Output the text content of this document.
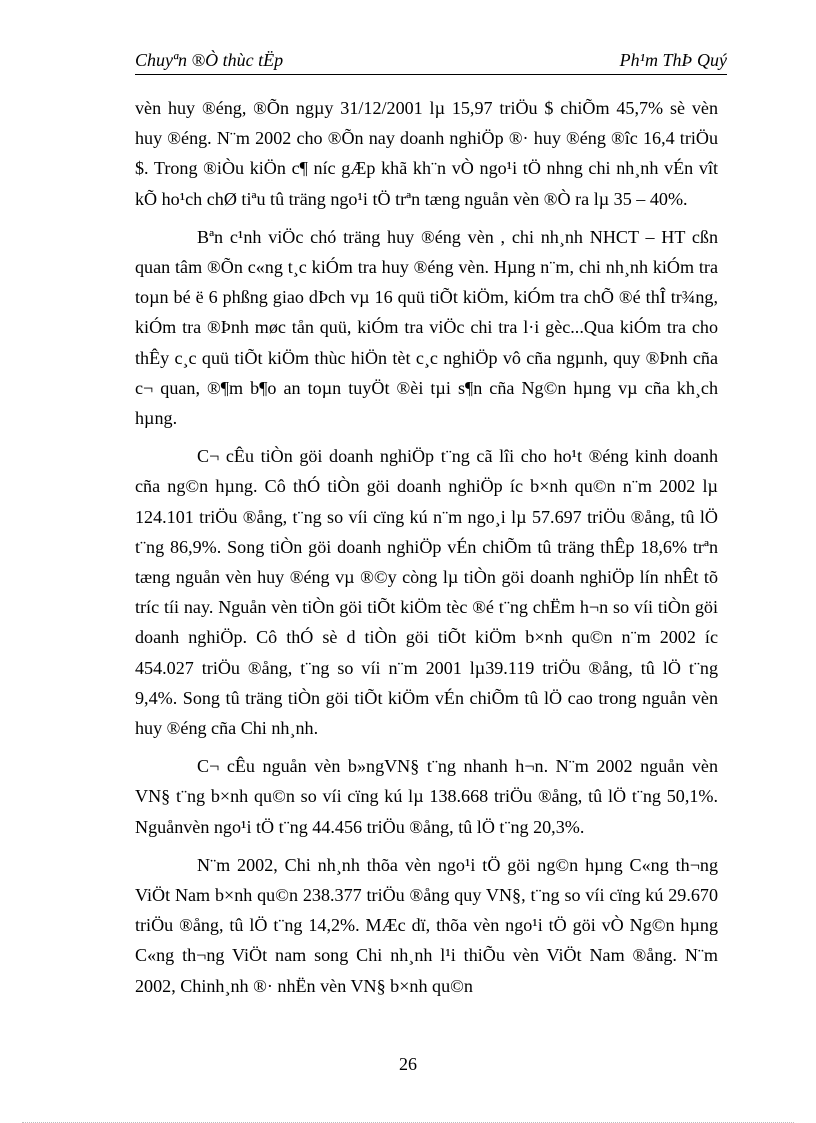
Chuyªn ®Ò thùc tËp	Ph¹m ThÞ Quý

vèn huy ®éng, ®Õn ngµy 31/12/2001 lµ 15,97 triÖu $ chiÕm 45,7% sè vèn huy ®éng. N¨m 2002 cho ®Õn nay doanh nghiÖp ®· huy ®éng ®îc 16,4 triÖu $. Trong ®iÒu kiÖn c¶ níc gÆp khã kh¨n vÒ ngo¹i tÖ nhng chi nh¸nh vÉn vît kÕ ho¹ch chØ tiªu tû träng ngo¹i tÖ trªn tæng nguån vèn ®Ò ra lµ 35 – 40%.

Bªn c¹nh viÖc chó träng huy ®éng vèn , chi nh¸nh NHCT – HT cßn quan tâm ®Õn c«ng t¸c kiÓm tra huy ®éng vèn. Hµng n¨m, chi nh¸nh kiÓm tra toµn bé ë 6 phßng giao dÞch vµ 16 quü tiÕt kiÖm, kiÓm tra chÕ ®é thÎ tr¾ng, kiÓm tra ®Þnh møc tån quü, kiÓm tra viÖc chi tra l·i gèc...Qua kiÓm tra cho thÊy c¸c quü tiÕt kiÖm thùc hiÖn tèt c¸c nghiÖp vô cña ngµnh, quy ®Þnh cña c¬ quan, ®¶m b¶o an toµn tuyÖt ®èi tµi s¶n cña Ng©n hµng vµ cña kh¸ch hµng.

C¬ cÊu tiÒn göi doanh nghiÖp t¨ng cã lîi cho ho¹t ®éng kinh doanh cña ng©n hµng. Cô thÓ tiÒn göi doanh nghiÖp íc b×nh qu©n n¨m 2002 lµ 124.101 triÖu ®ång, t¨ng so víi cïng kú n¨m ngo¸i lµ 57.697 triÖu ®ång, tû lÖ t¨ng 86,9%. Song tiÒn göi doanh nghiÖp vÉn chiÕm tû träng thÊp 18,6% trªn tæng nguån vèn huy ®éng vµ ®©y còng lµ tiÒn göi doanh nghiÖp lín nhÊt tõ tríc tíi nay. Nguån vèn tiÒn göi tiÕt kiÖm tèc ®é t¨ng chËm h¬n so víi tiÒn göi doanh nghiÖp. Cô thÓ sè d tiÒn göi tiÕt kiÖm b×nh qu©n n¨m 2002 íc 454.027 triÖu ®ång, t¨ng so víi n¨m 2001 lµ39.119 triÖu ®ång, tû lÖ t¨ng 9,4%. Song tû träng tiÒn göi tiÕt kiÖm vÉn chiÕm tû lÖ cao trong nguån vèn huy ®éng cña Chi nh¸nh.

C¬ cÊu nguån vèn b»ngVN§ t¨ng nhanh h¬n. N¨m 2002 nguån vèn VN§ t¨ng b×nh qu©n so víi cïng kú lµ 138.668 triÖu ®ång, tû lÖ t¨ng 50,1%. Nguånvèn ngo¹i tÖ t¨ng 44.456 triÖu ®ång, tû lÖ t¨ng 20,3%.

N¨m 2002, Chi nh¸nh thõa vèn ngo¹i tÖ göi ng©n hµng C«ng th¬ng ViÖt Nam b×nh qu©n 238.377 triÖu ®ång quy VN§, t¨ng so víi cïng kú 29.670 triÖu ®ång, tû lÖ t¨ng 14,2%. MÆc dï, thõa vèn ngo¹i tÖ göi vÒ Ng©n hµng C«ng th¬ng ViÖt nam song Chi nh¸nh l¹i thiÕu vèn ViÖt Nam ®ång. N¨m 2002, Chinh¸nh ®· nhËn vèn VN§ b×nh qu©n

26
